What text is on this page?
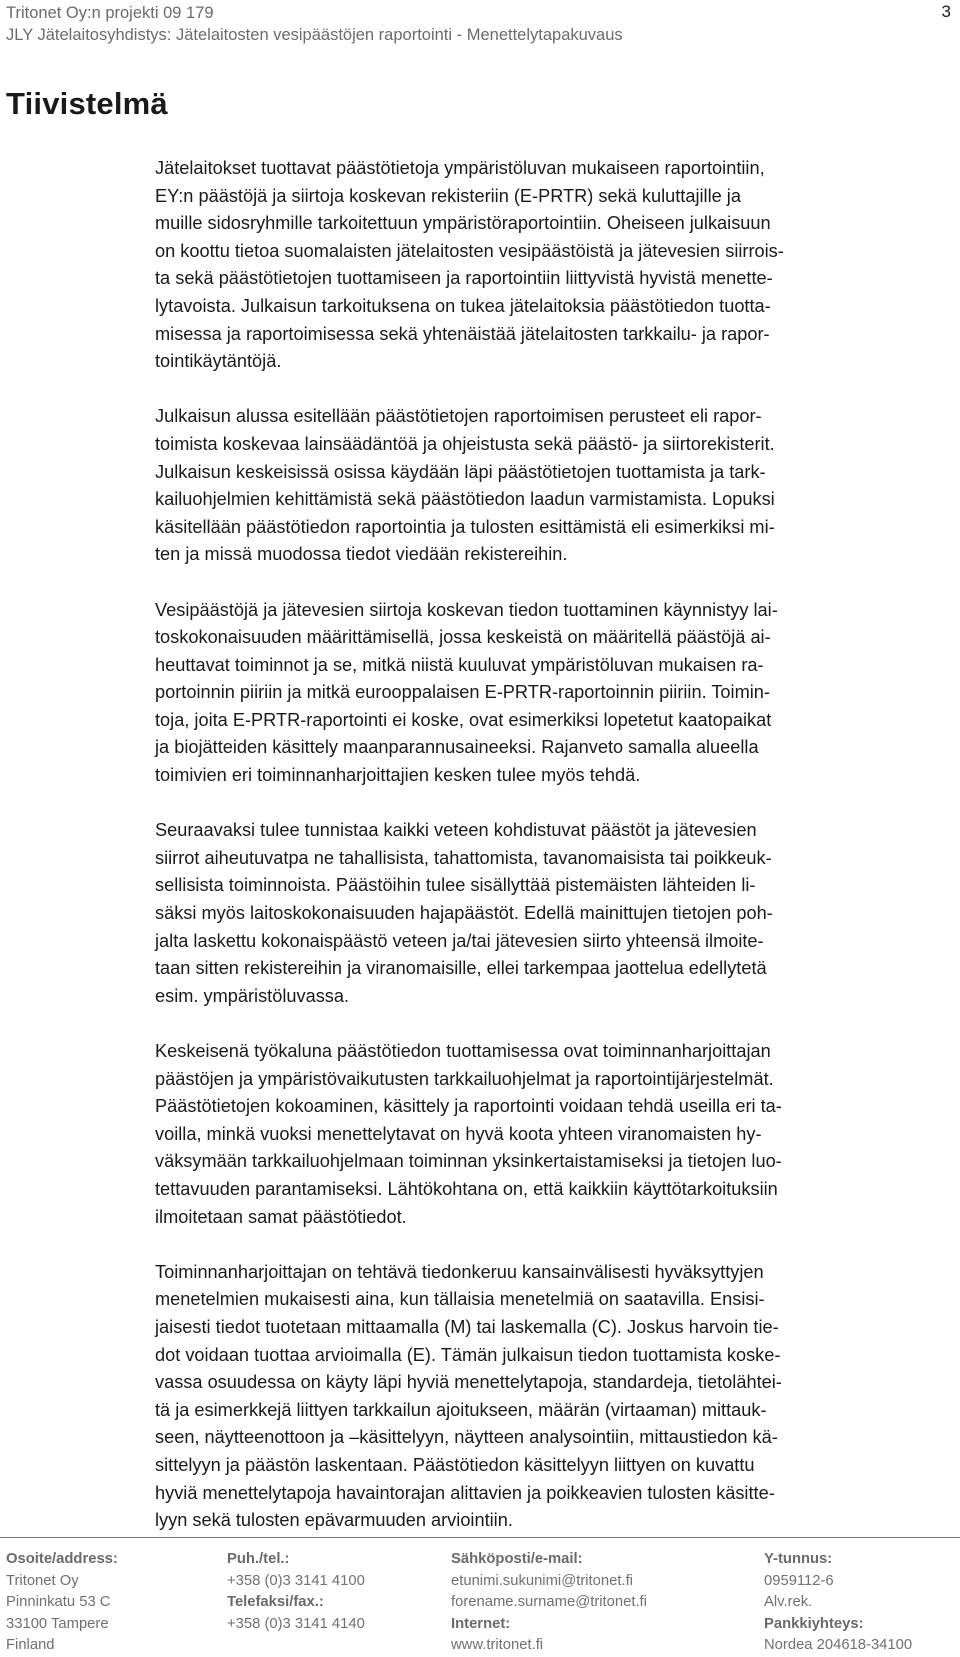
Tritonet Oy:n projekti 09 179
JLY Jätelaitosyhdistys: Jätelaitosten vesipäästöjen raportointi - Menettelytapakuvaus
3
Tiivistelmä

Jätelaitokset tuottavat päästötietoja ympäristöluvan mukaiseen raportointiin,
EY:n päästöjä ja siirtoja koskevan rekisteriin (E-PRTR) sekä kuluttajille ja
muille sidosryhmille tarkoitettuun ympäristöraportointiin. Oheiseen julkaisuun
on koottu tietoa suomalaisten jätelaitosten vesipäästöistä ja jätevesien siirrois-
ta sekä päästötietojen tuottamiseen ja raportointiin liittyvistä hyvistä menette-
lytavoista. Julkaisun tarkoituksena on tukea jätelaitoksia päästötiedon tuotta-
misessa ja raportoimisessa sekä yhtenäistää jätelaitosten tarkkailu- ja rapor-
tointikäytäntöjä.

Julkaisun alussa esitellään päästötietojen raportoimisen perusteet eli rapor-
toimista koskevaa lainsäädäntöä ja ohjeistusta sekä päästö- ja siirtorekisterit.
Julkaisun keskeisissä osissa käydään läpi päästötietojen tuottamista ja tark-
kailuohjelmien kehittämistä sekä päästötiedon laadun varmistamista. Lopuksi
käsitellään päästötiedon raportointia ja tulosten esittämistä eli esimerkiksi mi-
ten ja missä muodossa tiedot viedään rekistereihin.

Vesipäästöjä ja jätevesien siirtoja koskevan tiedon tuottaminen käynnistyy lai-
toskokonaisuuden määrittämisellä, jossa keskeistä on määritellä päästöjä ai-
heuttavat toiminnot ja se, mitkä niistä kuuluvat ympäristöluvan mukaisen ra-
portoinnin piiriin ja mitkä eurooppalaisen E-PRTR-raportoinnin piiriin. Toimin-
toja, joita E-PRTR-raportointi ei koske, ovat esimerkiksi lopetetut kaatopaikat
ja biojätteiden käsittely maanparannusaineeksi. Rajanveto samalla alueella
toimivien eri toiminnanharjoittajien kesken tulee myös tehdä.

Seuraavaksi tulee tunnistaa kaikki veteen kohdistuvat päästöt ja jätevesien
siirrot aiheutuvatpa ne tahallisista, tahattomista, tavanomaisista tai poikkeuk-
sellisista toiminnoista. Päästöihin tulee sisällyttää pistemäisten lähteiden li-
säksi myös laitoskokonaisuuden hajapäästöt. Edellä mainittujen tietojen poh-
jalta laskettu kokonaispäästö veteen ja/tai jätevesien siirto yhteensä ilmoite-
taan sitten rekistereihin ja viranomaisille, ellei tarkempaa jaottelua edellytetä
esim. ympäristöluvassa.

Keskeisenä työkaluna päästötiedon tuottamisessa ovat toiminnanharjoittajan
päästöjen ja ympäristövaikutusten tarkkailuohjelmat ja raportointijärjestelmät.
Päästötietojen kokoaminen, käsittely ja raportointi voidaan tehdä useilla eri ta-
voilla, minkä vuoksi menettelytavat on hyvä koota yhteen viranomaisten hy-
väksymään tarkkailuohjelmaan toiminnan yksinkertaistamiseksi ja tietojen luo-
tettavuuden parantamiseksi. Lähtökohtana on, että kaikkiin käyttötarkoituksiin
ilmoitetaan samat päästötiedot.

Toiminnanharjoittajan on tehtävä tiedonkeruu kansainvälisesti hyväksyttyjen
menetelmien mukaisesti aina, kun tällaisia menetelmiä on saatavilla. Ensisi-
jaisesti tiedot tuotetaan mittaamalla (M) tai laskemalla (C). Joskus harvoin tie-
dot voidaan tuottaa arvioimalla (E). Tämän julkaisun tiedon tuottamista koske-
vassa osuudessa on käyty läpi hyviä menettelytapoja, standardeja, tietolähtei-
tä ja esimerkkejä liittyen tarkkailun ajoitukseen, määrän (virtaaman) mittauk-
seen, näytteenottoon ja –käsittelyyn, näytteen analysointiin, mittaustiedon kä-
sittelyyn ja päästön laskentaan. Päästötiedon käsittelyyn liittyen on kuvattu
hyviä menettelytapoja havaintorajan alittavien ja poikkeavien tulosten käsitte-
lyyn sekä tulosten epävarmuuden arviointiin.

Osoite/address:
Tritonet Oy
Pinninkatu 53 C
33100 Tampere
Finland
Puh./tel.:
+358 (0)3 3141 4100
Telefaksi/fax.:
+358 (0)3 3141 4140
Sähköposti/e-mail:
etunimi.sukunimi@tritonet.fi
forename.surname@tritonet.fi
Internet:
www.tritonet.fi
Y-tunnus:
0959112-6
Alv.rek.
Pankkiyhteys:
Nordea 204618-34100
